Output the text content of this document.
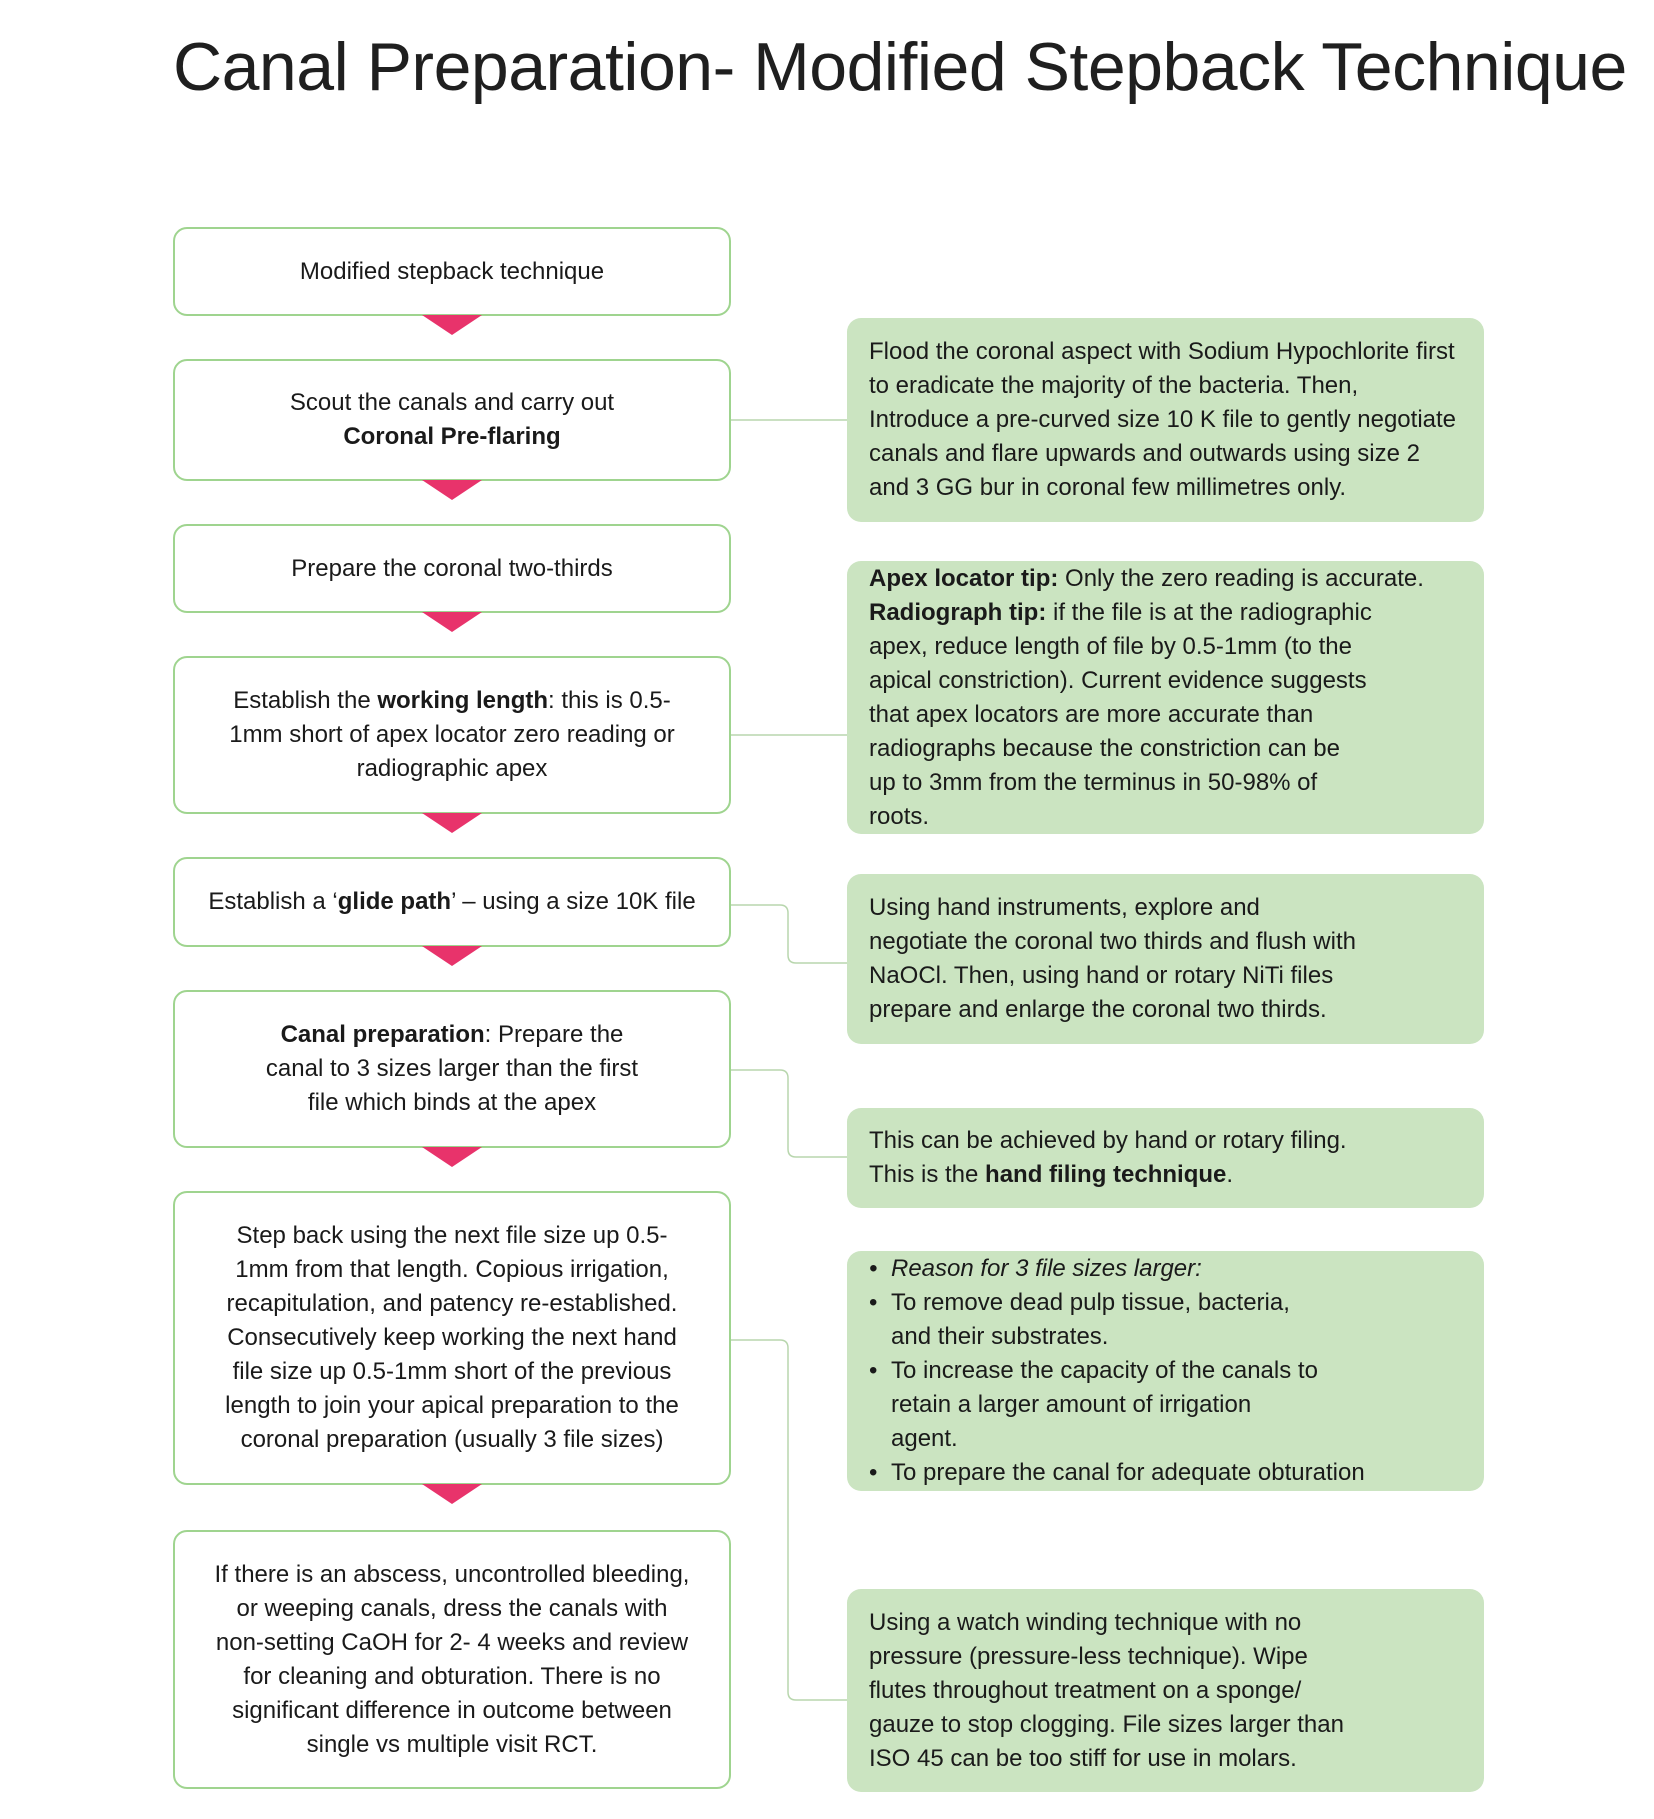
Canal Preparation- Modified Stepback Technique
Modified stepback technique
Scout the canals and carry out
Coronal Pre-flaring
Prepare the coronal two-thirds
Establish the working length: this is 0.5-1mm short of apex locator zero reading or radiographic apex
Establish a ‘glide path’ – using a size 10K file
Canal preparation: Prepare the canal to 3 sizes larger than the first file which binds at the apex
Step back using the next file size up 0.5-1mm from that length. Copious irrigation, recapitulation, and patency re-established. Consecutively keep working the next hand file size up 0.5-1mm short of the previous length to join your apical preparation to the coronal preparation (usually 3 file sizes)
If there is an abscess, uncontrolled bleeding, or weeping canals, dress the canals with non-setting CaOH for 2- 4 weeks and review for cleaning and obturation. There is no significant difference in outcome between single vs multiple visit RCT.
Flood the coronal aspect with Sodium Hypochlorite first to eradicate the majority of the bacteria. Then, Introduce a pre-curved size 10 K file to gently negotiate canals and flare upwards and outwards using size 2 and 3 GG bur in coronal few millimetres only.
Apex locator tip: Only the zero reading is accurate.
Radiograph tip: if the file is at the radiographic apex, reduce length of file by 0.5-1mm (to the apical constriction). Current evidence suggests that apex locators are more accurate than radiographs because the constriction can be up to 3mm from the terminus in 50-98% of roots.
Using hand instruments, explore and negotiate the coronal two thirds and flush with NaOCl. Then, using hand or rotary NiTi files prepare and enlarge the coronal two thirds.
This can be achieved by hand or rotary filing.
This is the hand filing technique.
• Reason for 3 file sizes larger:
• To remove dead pulp tissue, bacteria, and their substrates.
• To increase the capacity of the canals to retain a larger amount of irrigation agent.
• To prepare the canal for adequate obturation
Using a watch winding technique with no pressure (pressure-less technique). Wipe flutes throughout treatment on a sponge/ gauze to stop clogging. File sizes larger than ISO 45 can be too stiff for use in molars.
